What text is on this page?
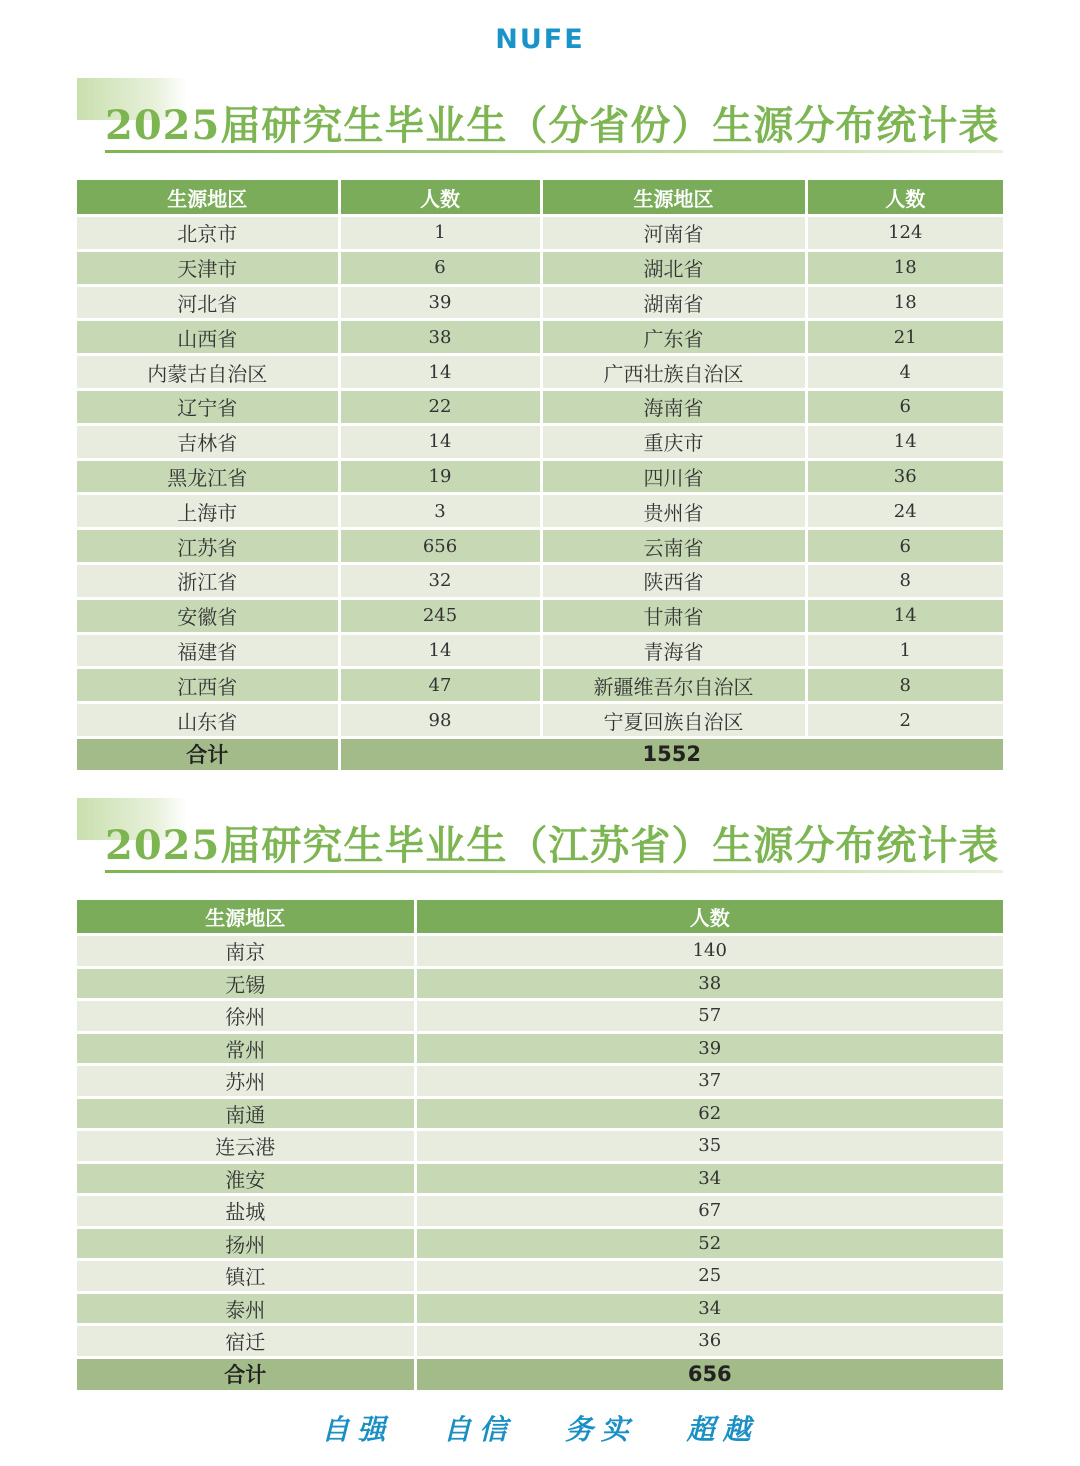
NUFE
2025届研究生毕业生（分省份）生源分布统计表
生源地区	人数	生源地区	人数
北京市	1	河南省	124
天津市	6	湖北省	18
河北省	39	湖南省	18
山西省	38	广东省	21
内蒙古自治区	14	广西壮族自治区	4
辽宁省	22	海南省	6
吉林省	14	重庆市	14
黑龙江省	19	四川省	36
上海市	3	贵州省	24
江苏省	656	云南省	6
浙江省	32	陕西省	8
安徽省	245	甘肃省	14
福建省	14	青海省	1
江西省	47	新疆维吾尔自治区	8
山东省	98	宁夏回族自治区	2
合计	1552		
2025届研究生毕业生（江苏省）生源分布统计表
生源地区	人数
南京	140
无锡	38
徐州	57
常州	39
苏州	37
南通	62
连云港	35
淮安	34
盐城	67
扬州	52
镇江	25
泰州	34
宿迁	36
合计	656
自强 自信 务实 超越
